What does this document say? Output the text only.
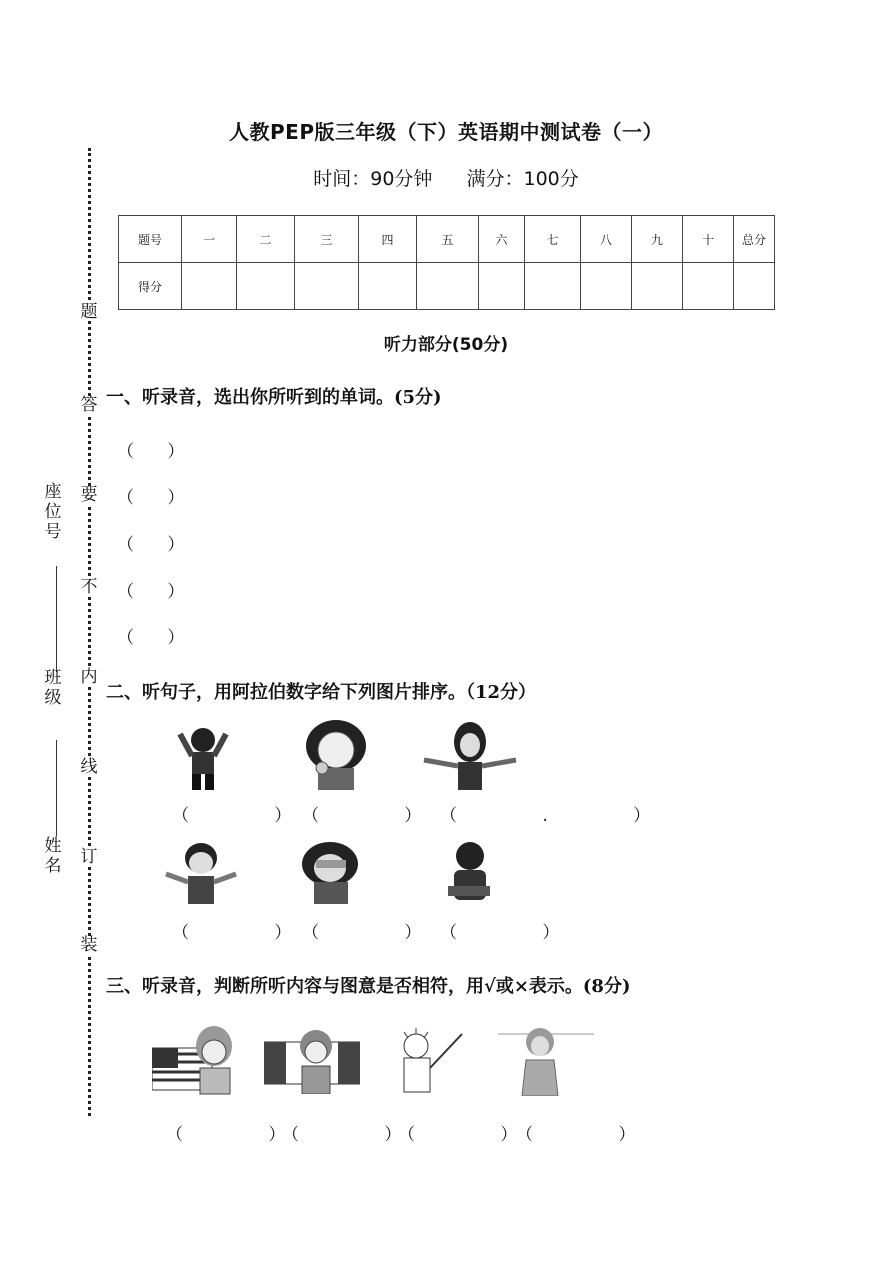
题
答
要
不
内
线
订
装
座位号
班级
姓名
人教PEP版三年级（下）英语期中测试卷（一）
时间：90分钟 满分：100分
题号	一	二	三	四	五	六	七	八	九	十	总分
得分											
听力部分(50分)
一、听录音，选出你所听到的单词。(5分)
（ ）
（ ）
（ ）
（ ）
（ ）
二、听句子，用阿拉伯数字给下列图片排序。（12分）
（ ）
（ ）
（ . ）
（ ）
（ ）
（ ）
三、听录音，判断所听内容与图意是否相符，用√或×表示。(8分)
（ ）
（ ）
（ ）
（ ）
